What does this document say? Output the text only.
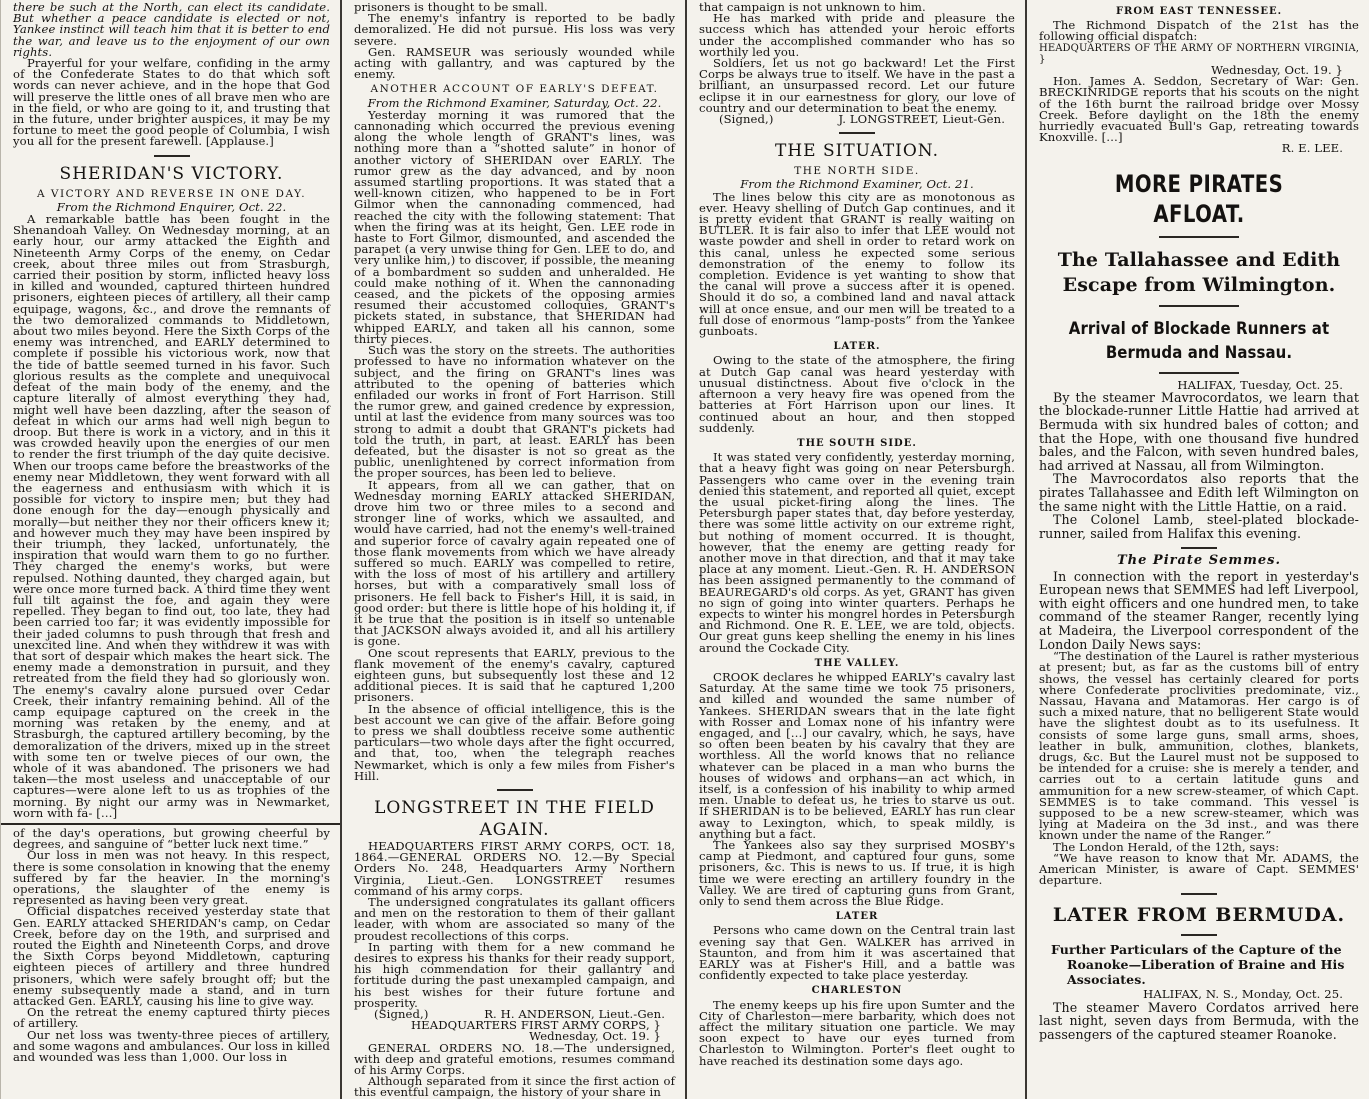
there be such at the North, can elect its candidate. But whether a peace candidate is elected or not, Yankee instinct will teach him that it is better to end the war, and leave us to the enjoyment of our own rights.

Prayerful for your welfare, confiding in the army of the Confederate States to do that which soft words can never achieve, and in the hope that God will preserve the little ones of all brave men who are in the field, or who are going to it, and trusting that in the future, under brighter auspices, it may be my fortune to meet the good people of Columbia, I wish you all for the present farewell. [Applause.]

SHERIDAN'S VICTORY.
A VICTORY AND REVERSE IN ONE DAY.

From the Richmond Enquirer, Oct. 22.

A remarkable battle has been fought in the Shenandoah Valley. On Wednesday morning, at an early hour, our army attacked the Eighth and Nineteenth Army Corps of the enemy, on Cedar creek, about three miles out from Strasburgh, carried their position by storm, inflicted heavy loss in killed and wounded, captured thirteen hundred prisoners, eighteen pieces of artillery, all their camp equipage, wagons, &c., and drove the remnants of the two demoralized commands to Middletown, about two miles beyond. Here the Sixth Corps of the enemy was intrenched, and EARLY determined to complete if possible his victorious work, now that the tide of battle seemed turned in his favor. Such glorious results as the complete and unequivocal defeat of the main body of the enemy, and the capture literally of almost everything they had, might well have been dazzling, after the season of defeat in which our arms had well nigh begun to droop. But there is work in a victory, and in this it was crowded heavily upon the energies of our men to render the first triumph of the day quite decisive. When our troops came before the breastworks of the enemy near Middletown, they went forward with all the eagerness and enthusiasm with which it is possible for victory to inspire men; but they had done enough for the day—enough physically and morally—but neither they nor their officers knew it; and however much they may have been inspired by their triumph, they lacked, unfortunately, the inspiration that would warn them to go no further. They charged the enemy's works, but were repulsed. Nothing daunted, they charged again, but were once more turned back. A third time they went full tilt against the foe, and again they were repelled. They began to find out, too late, they had been carried too far; it was evidently impossible for their jaded columns to push through that fresh and unexcited line. And when they withdrew it was with that sort of despair which makes the heart sick. The enemy made a demonstration in pursuit, and they retreated from the field they had so gloriously won. The enemy's cavalry alone pursued over Cedar Creek, their infantry remaining behind. All of the camp equipage captured on the creek in the morning was retaken by the enemy, and at Strasburgh, the captured artillery becoming, by the demoralization of the drivers, mixed up in the street with some ten or twelve pieces of our own, the whole of it was abandoned. The prisoners we had taken—the most useless and unacceptable of our captures—were alone left to us as trophies of the morning. By night our army was in Newmarket, worn with fa- […]

of the day's operations, but growing cheerful by degrees, and sanguine of “better luck next time.”

Our loss in men was not heavy. In this respect, there is some consolation in knowing that the enemy suffered by far the heavier. In the morning's operations, the slaughter of the enemy is represented as having been very great.

Official dispatches received yesterday state that Gen. EARLY attacked SHERIDAN's camp, on Cedar Creek, before day on the 19th, and surprised and routed the Eighth and Nineteenth Corps, and drove the Sixth Corps beyond Middletown, capturing eighteen pieces of artillery and three hundred prisoners, which were safely brought off; but the enemy subsequently made a stand, and in turn attacked Gen. EARLY, causing his line to give way.

On the retreat the enemy captured thirty pieces of artillery.

Our net loss was twenty-three pieces of artillery, and some wagons and ambulances. Our loss in killed and wounded was less than 1,000. Our loss in

prisoners is thought to be small.

The enemy's infantry is reported to be badly demoralized. He did not pursue. His loss was very severe.

Gen. RAMSEUR was seriously wounded while acting with gallantry, and was captured by the enemy.

ANOTHER ACCOUNT OF EARLY'S DEFEAT.

From the Richmond Examiner, Saturday, Oct. 22.

Yesterday morning it was rumored that the cannonading which occurred the previous evening along the whole length of GRANT's lines, was nothing more than a “shotted salute” in honor of another victory of SHERIDAN over EARLY. The rumor grew as the day advanced, and by noon assumed startling proportions. It was stated that a well-known citizen, who happened to be in Fort Gilmor when the cannonading commenced, had reached the city with the following statement: That when the firing was at its height, Gen. LEE rode in haste to Fort Gilmor, dismounted, and ascended the parapet (a very unwise thing for Gen. LEE to do, and very unlike him,) to discover, if possible, the meaning of a bombardment so sudden and unheralded. He could make nothing of it. When the cannonading ceased, and the pickets of the opposing armies resumed their accustomed colloquies, GRANT's pickets stated, in substance, that SHERIDAN had whipped EARLY, and taken all his cannon, some thirty pieces.

Such was the story on the streets. The authorities professed to have no information whatever on the subject, and the firing on GRANT's lines was attributed to the opening of batteries which enfiladed our works in front of Fort Harrison. Still the rumor grew, and gained credence by expression, until at last the evidence from many sources was too strong to admit a doubt that GRANT's pickets had told the truth, in part, at least. EARLY has been defeated, but the disaster is not so great as the public, unenlightened by correct information from the proper sources, has been led to believe.

It appears, from all we can gather, that on Wednesday morning EARLY attacked SHERIDAN, drove him two or three miles to a second and stronger line of works, which we assaulted, and would have carried, had not the enemy's well-trained and superior force of cavalry again repeated one of those flank movements from which we have already suffered so much. EARLY was compelled to retire, with the loss of most of his artillery and artillery horses, but with a comparatively small loss of prisoners. He fell back to Fisher's Hill, it is said, in good order: but there is little hope of his holding it, if it be true that the position is in itself so untenable that JACKSON always avoided it, and all his artillery is gone.

One scout represents that EARLY, previous to the flank movement of the enemy's cavalry, captured eighteen guns, but subsequently lost these and 12 additional pieces. It is said that he captured 1,200 prisoners.

In the absence of official intelligence, this is the best account we can give of the affair. Before going to press we shall doubtless receive some authentic particulars—two whole days after the fight occurred, and that, too, when the telegraph reaches Newmarket, which is only a few miles from Fisher's Hill.

LONGSTREET IN THE FIELD AGAIN.

HEADQUARTERS FIRST ARMY CORPS, OCT. 18, 1864.—GENERAL ORDERS NO. 12.—By Special Orders No. 248, Headquarters Army Northern Virginia, Lieut.-Gen. LONGSTREET resumes command of his army corps.

The undersigned congratulates its gallant officers and men on the restoration to them of their gallant leader, with whom are associated so many of the proudest recollections of this corps.

In parting with them for a new command he desires to express his thanks for their ready support, his high commendation for their gallantry and fortitude during the past unexampled campaign, and his best wishes for their future fortune and prosperity.

(Signed,)	R. H. ANDERSON, Lieut.-Gen.

HEADQUARTERS FIRST ARMY CORPS, }

Wednesday, Oct. 19. }

GENERAL ORDERS NO. 18.—The undersigned, with deep and grateful emotions, resumes command of his Army Corps.

Although separated from it since the first action of this eventful campaign, the history of your share in

that campaign is not unknown to him.

He has marked with pride and pleasure the success which has attended your heroic efforts under the accomplished commander who has so worthily led you.

Soldiers, let us not go backward! Let the First Corps be always true to itself. We have in the past a brilliant, an unsurpassed record. Let our future eclipse it in our earnestness for glory, our love of country and our determination to beat the enemy.

(Signed,)	J. LONGSTREET, Lieut-Gen.
THE SITUATION.
THE NORTH SIDE.

From the Richmond Examiner, Oct. 21.

The lines below this city are as monotonous as ever. Heavy shelling of Dutch Gap continues, and it is pretty evident that GRANT is really waiting on BUTLER. It is fair also to infer that LEE would not waste powder and shell in order to retard work on this canal, unless he expected some serious demonstration of the enemy to follow its completion. Evidence is yet wanting to show that the canal will prove a success after it is opened. Should it do so, a combined land and naval attack will at once ensue, and our men will be treated to a full dose of enormous “lamp-posts” from the Yankee gunboats.

LATER.

Owing to the state of the atmosphere, the firing at Dutch Gap canal was heard yesterday with unusual distinctness. About five o'clock in the afternoon a very heavy fire was opened from the batteries at Fort Harrison upon our lines. It continued about an hour, and then stopped suddenly.

THE SOUTH SIDE.

It was stated very confidently, yesterday morning, that a heavy fight was going on near Petersburgh. Passengers who came over in the evening train denied this statement, and reported all quiet, except the usual picket-firing along the lines. The Petersburgh paper states that, day before yesterday, there was some little activity on our extreme right, but nothing of moment occurred. It is thought, however, that the enemy are getting ready for another move in that direction, and that it may take place at any moment. Lieut.-Gen. R. H. ANDERSON has been assigned permanently to the command of BEAUREGARD's old corps. As yet, GRANT has given no sign of going into winter quarters. Perhaps he expects to winter his mongrel hordes in Petersburgh and Richmond. One R. E. LEE, we are told, objects. Our great guns keep shelling the enemy in his lines around the Cockade City.

THE VALLEY.

CROOK declares he whipped EARLY's cavalry last Saturday. At the same time we took 75 prisoners, and killed and wounded the same number of Yankees. SHERIDAN swears that in the late fight with Rosser and Lomax none of his infantry were engaged, and […] our cavalry, which, he says, have so often been beaten by his cavalry that they are worthless. All the world knows that no reliance whatever can be placed in a man who burns the houses of widows and orphans—an act which, in itself, is a confession of his inability to whip armed men. Unable to defeat us, he tries to starve us out. If SHERIDAN is to be believed, EARLY has run clear away to Lexington, which, to speak mildly, is anything but a fact.

The Yankees also say they surprised MOSBY's camp at Piedmont, and captured four guns, some prisoners, &c. This is news to us. If true, it is high time we were erecting an artillery foundry in the Valley. We are tired of capturing guns from Grant, only to send them across the Blue Ridge.

LATER

Persons who came down on the Central train last evening say that Gen. WALKER has arrived in Staunton, and from him it was ascertained that EARLY was at Fisher's Hill, and a battle was confidently expected to take place yesterday.

CHARLESTON

The enemy keeps up his fire upon Sumter and the City of Charleston—mere barbarity, which does not affect the military situation one particle. We may soon expect to have our eyes turned from Charleston to Wilmington. Porter's fleet ought to have reached its destination some days ago.

FROM EAST TENNESSEE.

The Richmond Dispatch of the 21st has the following official dispatch:

HEADQUARTERS OF THE ARMY OF NORTHERN VIRGINIA, }

Wednesday, Oct. 19. }

Hon. James A. Seddon, Secretary of War: Gen. BRECKINRIDGE reports that his scouts on the night of the 16th burnt the railroad bridge over Mossy Creek. Before daylight on the 18th the enemy hurriedly evacuated Bull's Gap, retreating towards Knoxville. […]

R. E. LEE.

MORE PIRATES AFLOAT.
The Tallahassee and Edith Escape from Wilmington.
Arrival of Blockade Runners at Bermuda and Nassau.

HALIFAX, Tuesday, Oct. 25.

By the steamer Mavrocordatos, we learn that the blockade-runner Little Hattie had arrived at Bermuda with six hundred bales of cotton; and that the Hope, with one thousand five hundred bales, and the Falcon, with seven hundred bales, had arrived at Nassau, all from Wilmington.

The Mavrocordatos also reports that the pirates Tallahassee and Edith left Wilmington on the same night with the Little Hattie, on a raid.

The Colonel Lamb, steel-plated blockade-runner, sailed from Halifax this evening.

The Pirate Semmes.

In connection with the report in yesterday's European news that SEMMES had left Liverpool, with eight officers and one hundred men, to take command of the steamer Ranger, recently lying at Madeira, the Liverpool correspondent of the London Daily News says:

“The destination of the Laurel is rather mysterious at present; but, as far as the customs bill of entry shows, the vessel has certainly cleared for ports where Confederate proclivities predominate, viz., Nassau, Havana and Matamoras. Her cargo is of such a mixed nature, that no belligerent State would have the slightest doubt as to its usefulness. It consists of some large guns, small arms, shoes, leather in bulk, ammunition, clothes, blankets, drugs, &c. But the Laurel must not be supposed to be intended for a cruise: she is merely a tender, and carries out to a certain latitude guns and ammunition for a new screw-steamer, of which Capt. SEMMES is to take command. This vessel is supposed to be a new screw-steamer, which was lying at Madeira on the 3d inst., and was there known under the name of the Ranger.”

The London Herald, of the 12th, says:

“We have reason to know that Mr. ADAMS, the American Minister, is aware of Capt. SEMMES' departure.

LATER FROM BERMUDA.
Further Particulars of the Capture of the Roanoke—Liberation of Braine and His Associates.

HALIFAX, N. S., Monday, Oct. 25.

The steamer Mavero Cordatos arrived here last night, seven days from Bermuda, with the passengers of the captured steamer Roanoke.
